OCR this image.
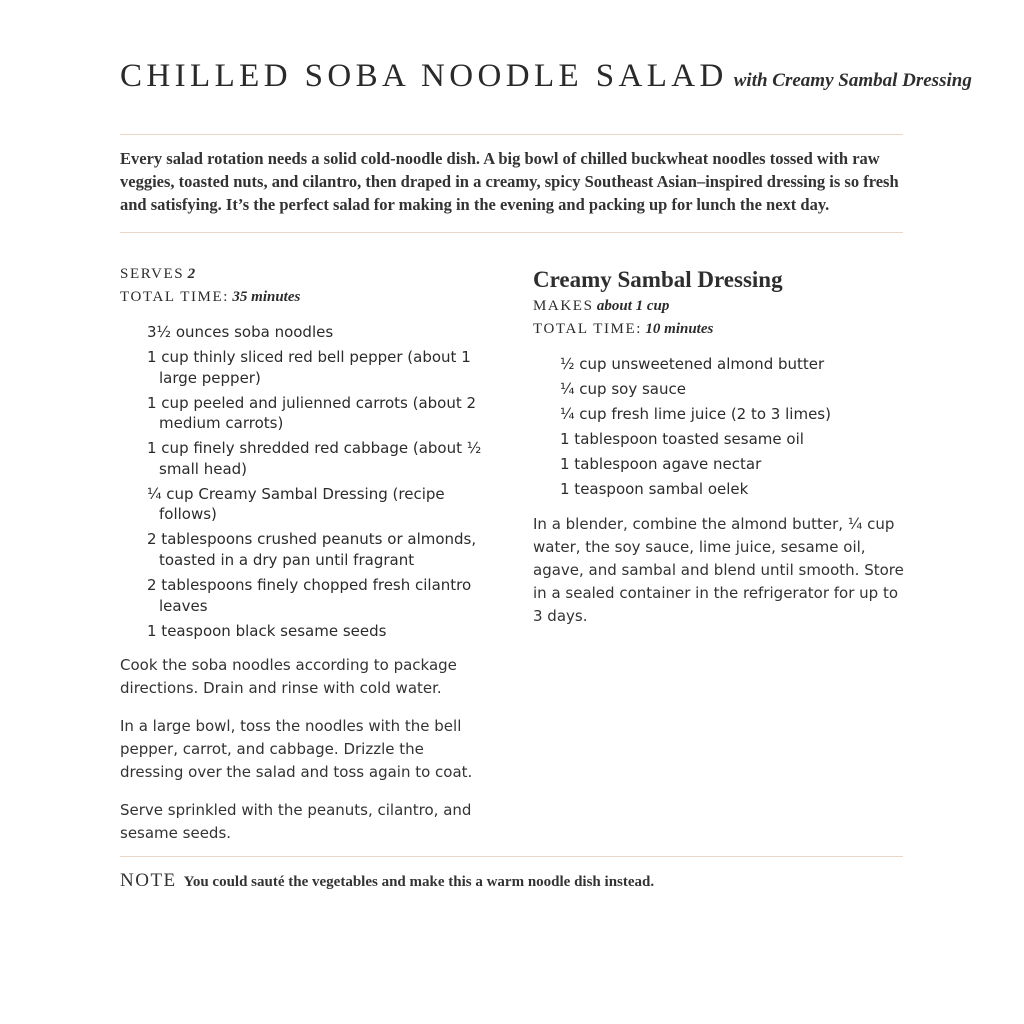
CHILLED SOBA NOODLE SALAD with Creamy Sambal Dressing

Every salad rotation needs a solid cold-noodle dish. A big bowl of chilled buckwheat noodles tossed with raw veggies, toasted nuts, and cilantro, then draped in a creamy, spicy Southeast Asian–inspired dressing is so fresh and satisfying. It’s the perfect salad for making in the evening and packing up for lunch the next day.

SERVES 2
TOTAL TIME: 35 minutes
3½ ounces soba noodles
1 cup thinly sliced red bell pepper (about 1 large pepper)
1 cup peeled and julienned carrots (about 2 medium carrots)
1 cup finely shredded red cabbage (about ½ small head)
¼ cup Creamy Sambal Dressing (recipe follows)
2 tablespoons crushed peanuts or almonds, toasted in a dry pan until fragrant
2 tablespoons finely chopped fresh cilantro leaves
1 teaspoon black sesame seeds

Cook the soba noodles according to package directions. Drain and rinse with cold water.

In a large bowl, toss the noodles with the bell pepper, carrot, and cabbage. Drizzle the dressing over the salad and toss again to coat.

Serve sprinkled with the peanuts, cilantro, and sesame seeds.

Creamy Sambal Dressing
MAKES about 1 cup
TOTAL TIME: 10 minutes
½ cup unsweetened almond butter
¼ cup soy sauce
¼ cup fresh lime juice (2 to 3 limes)
1 tablespoon toasted sesame oil
1 tablespoon agave nectar
1 teaspoon sambal oelek

In a blender, combine the almond butter, ¼ cup water, the soy sauce, lime juice, sesame oil, agave, and sambal and blend until smooth. Store in a sealed container in the refrigerator for up to 3 days.

NOTE You could sauté the vegetables and make this a warm noodle dish instead.
